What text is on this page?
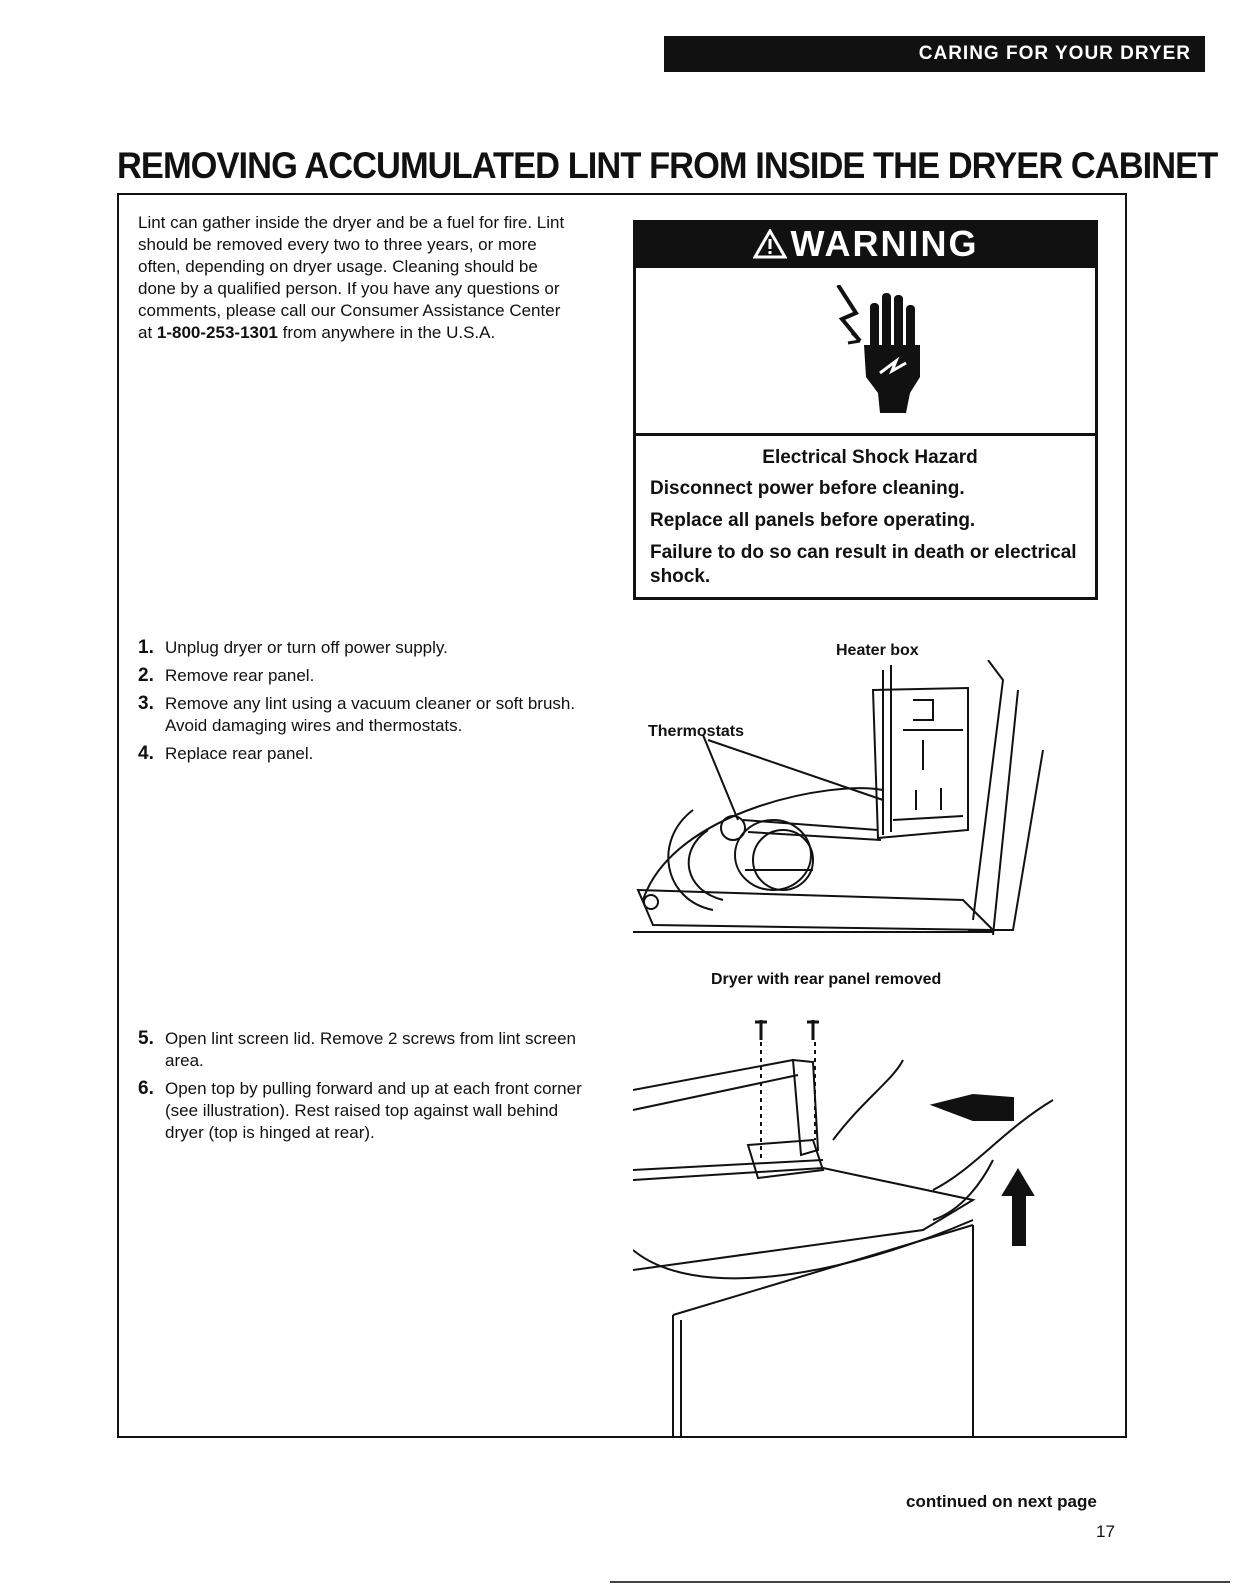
CARING FOR YOUR DRYER
REMOVING ACCUMULATED LINT FROM INSIDE THE DRYER CABINET
Lint can gather inside the dryer and be a fuel for fire. Lint should be removed every two to three years, or more often, depending on dryer usage. Cleaning should be done by a qualified person. If you have any questions or comments, please call our Consumer Assistance Center at 1-800-253-1301 from anywhere in the U.S.A.
WARNING
Electrical Shock Hazard
Disconnect power before cleaning.
Replace all panels before operating.
Failure to do so can result in death or electrical shock.
1. Unplug dryer or turn off power supply.
2. Remove rear panel.
3. Remove any lint using a vacuum cleaner or soft brush. Avoid damaging wires and thermostats.
4. Replace rear panel.
Heater box
Thermostats
Dryer with rear panel removed
5. Open lint screen lid. Remove 2 screws from lint screen area.
6. Open top by pulling forward and up at each front corner (see illustration). Rest raised top against wall behind dryer (top is hinged at rear).
continued on next page
17
